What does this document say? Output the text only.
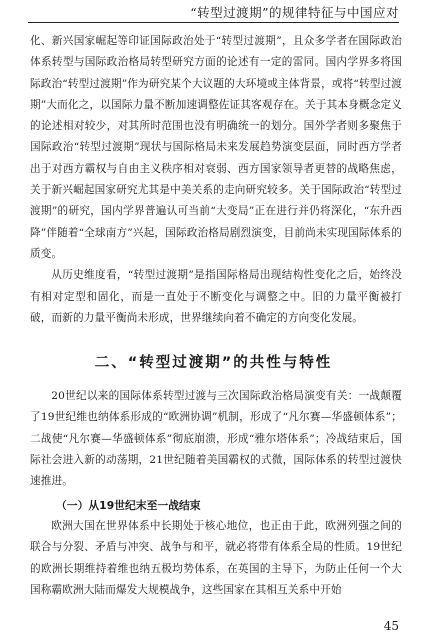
“转型过渡期”的规律特征与中国应对

化、新兴国家崛起等印证国际政治处于“转型过渡期”，且众多学者在国际政治体系转型与国际政治格局转型研究方面的论述有一定的雷同。国内学界多将国际政治“转型过渡期”作为研究某个大议题的大环境或主体背景，或将“转型过渡期”大而化之，以国际力量不断加速调整佐证其客观存在。关于其本身概念定义的论述相对较少，对其所时范围也没有明确统一的划分。国外学者则多聚焦于国际政治“转型过渡期”现状与国际格局未来发展趋势演变层面，同时西方学者出于对西方霸权与自由主义秩序相对衰弱、西方国家领导者更替的战略焦虑，关于新兴崛起国家研究尤其是中美关系的走向研究较多。关于国际政治“转型过渡期”的研究，国内学界普遍认可当前“大变局”正在进行并仍将深化，“东升西降”伴随着“全球南方”兴起，国际政治格局剧烈演变，目前尚未实现国际体系的质变。

从历史维度看，“转型过渡期”是指国际格局出现结构性变化之后，始终没有相对定型和固化，而是一直处于不断变化与调整之中。旧的力量平衡被打破，而新的力量平衡尚未形成，世界继续向着不确定的方向变化发展。

二、“转型过渡期”的共性与特性

20世纪以来的国际体系转型过渡与三次国际政治格局演变有关：一战颠覆了19世纪维也纳体系形成的“欧洲协调”机制，形成了“凡尔赛—华盛顿体系”；二战使“凡尔赛—华盛顿体系”彻底崩溃，形成“雅尔塔体系”；冷战结束后，国际社会进入新的动荡期，21世纪随着美国霸权的式微，国际体系的转型过渡快速推进。

（一）从19世纪末至一战结束

欧洲大国在世界体系中长期处于核心地位，也正由于此，欧洲列强之间的联合与分裂、矛盾与冲突、战争与和平，就必将带有体系全局的性质。19世纪的欧洲长期维持着维也纳五极均势体系，在英国的主导下，为防止任何一个大国称霸欧洲大陆而爆发大规模战争，这些国家在其相互关系中开始

45
